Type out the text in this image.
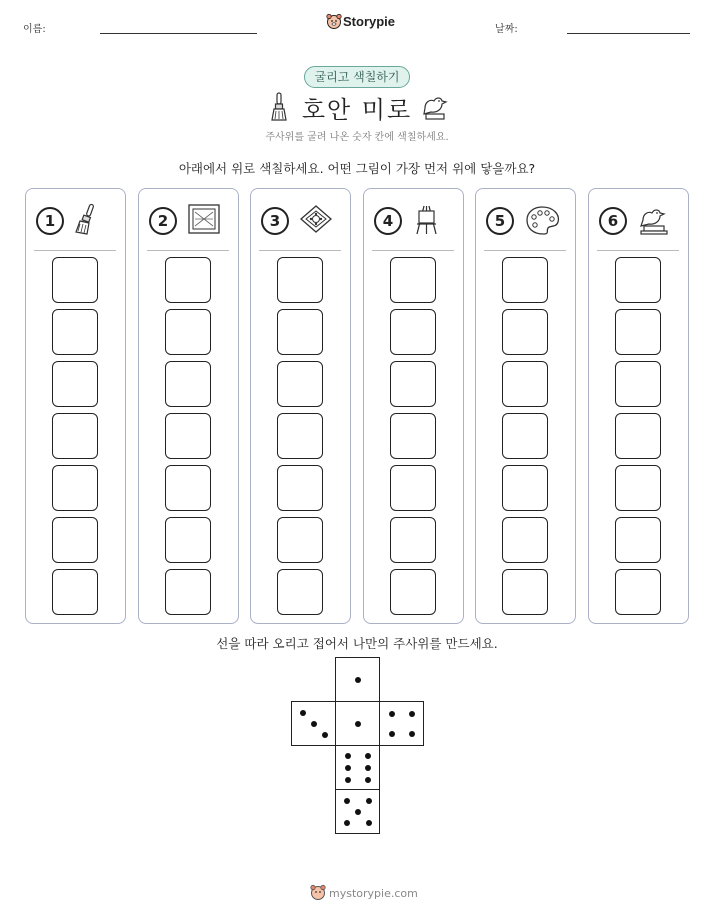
이름:
Storypie
날짜:
굴리고 색칠하기
호안 미로
주사위를 굴려 나온 숫자 칸에 색칠하세요.
아래에서 위로 색칠하세요. 어떤 그림이 가장 먼저 위에 닿을까요?
1	2	3	4	5	6
선을 따라 오리고 접어서 나만의 주사위를 만드세요.
mystorypie.com
